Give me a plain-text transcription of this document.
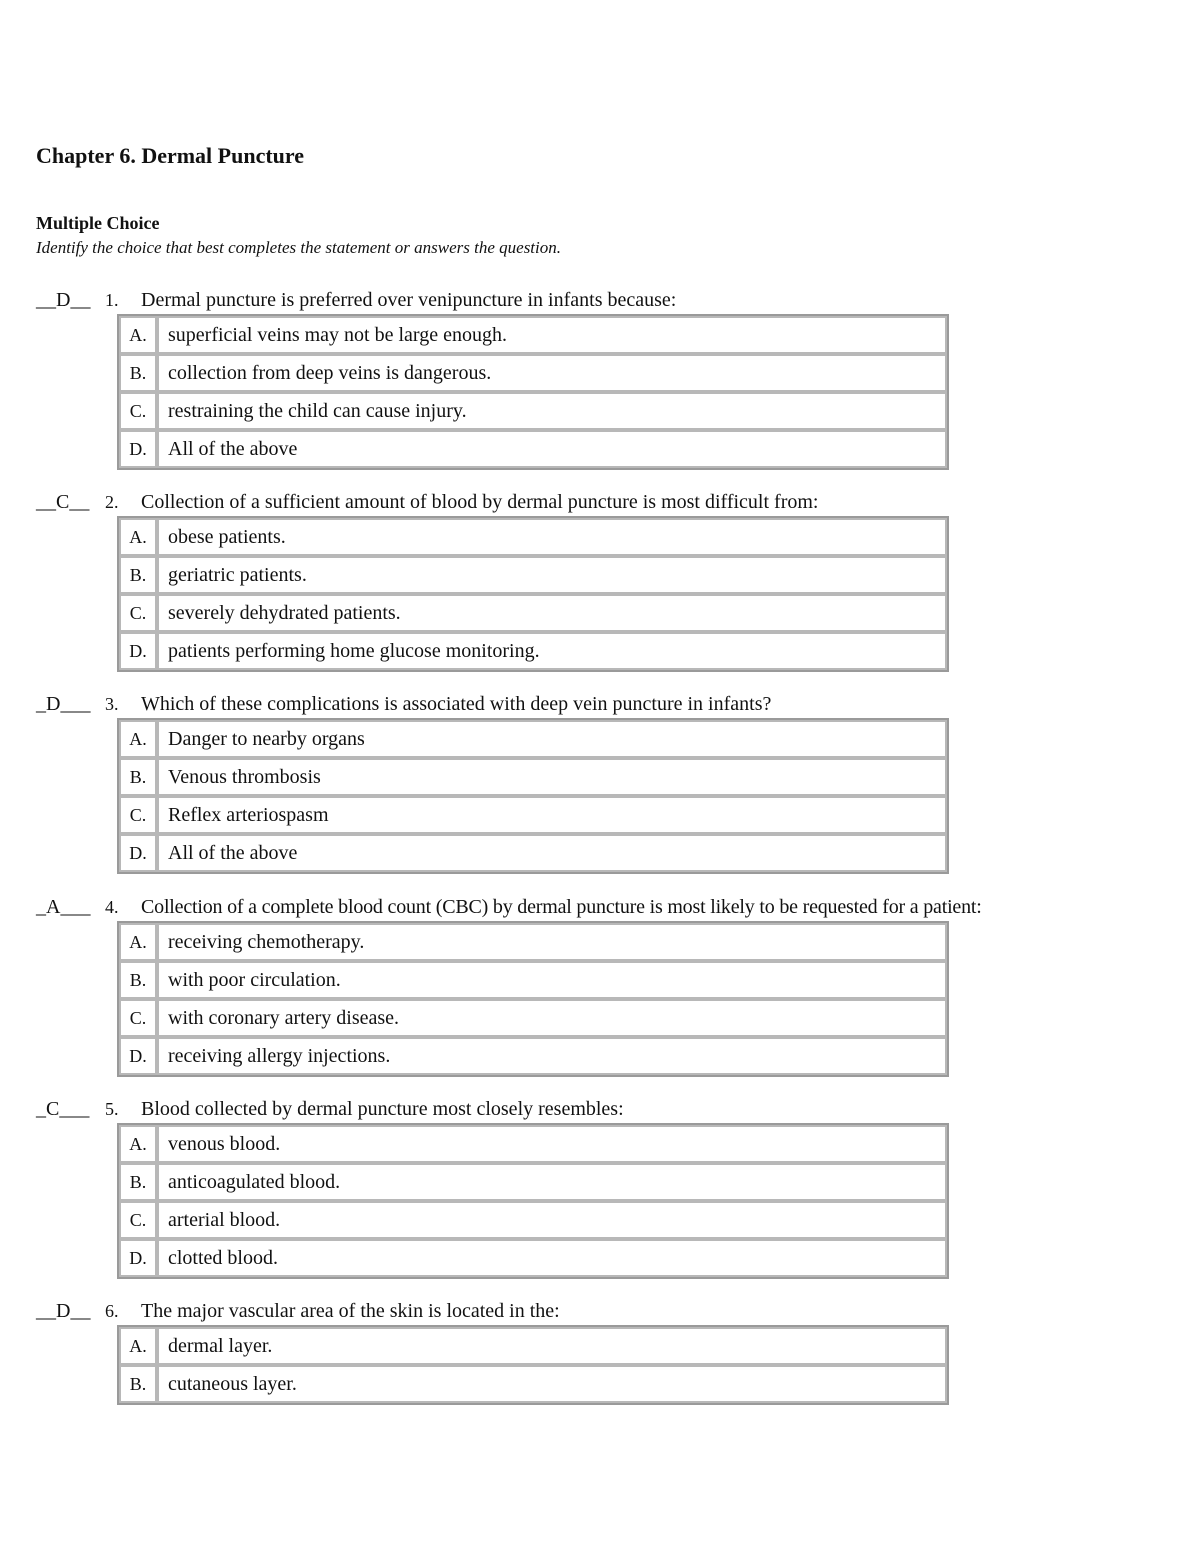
Chapter 6. Dermal Puncture
Multiple Choice
Identify the choice that best completes the statement or answers the question.
__D__ 1. Dermal puncture is preferred over venipuncture in infants because:
A.	superficial veins may not be large enough.
B.	collection from deep veins is dangerous.
C.	restraining the child can cause injury.
D.	All of the above
__C__ 2. Collection of a sufficient amount of blood by dermal puncture is most difficult from:
A.	obese patients.
B.	geriatric patients.
C.	severely dehydrated patients.
D.	patients performing home glucose monitoring.
_D___ 3. Which of these complications is associated with deep vein puncture in infants?
A.	Danger to nearby organs
B.	Venous thrombosis
C.	Reflex arteriospasm
D.	All of the above
_A___ 4. Collection of a complete blood count (CBC) by dermal puncture is most likely to be requested for a patient:
A.	receiving chemotherapy.
B.	with poor circulation.
C.	with coronary artery disease.
D.	receiving allergy injections.
_C___ 5. Blood collected by dermal puncture most closely resembles:
A.	venous blood.
B.	anticoagulated blood.
C.	arterial blood.
D.	clotted blood.
__D__ 6. The major vascular area of the skin is located in the:
A.	dermal layer.
B.	cutaneous layer.
